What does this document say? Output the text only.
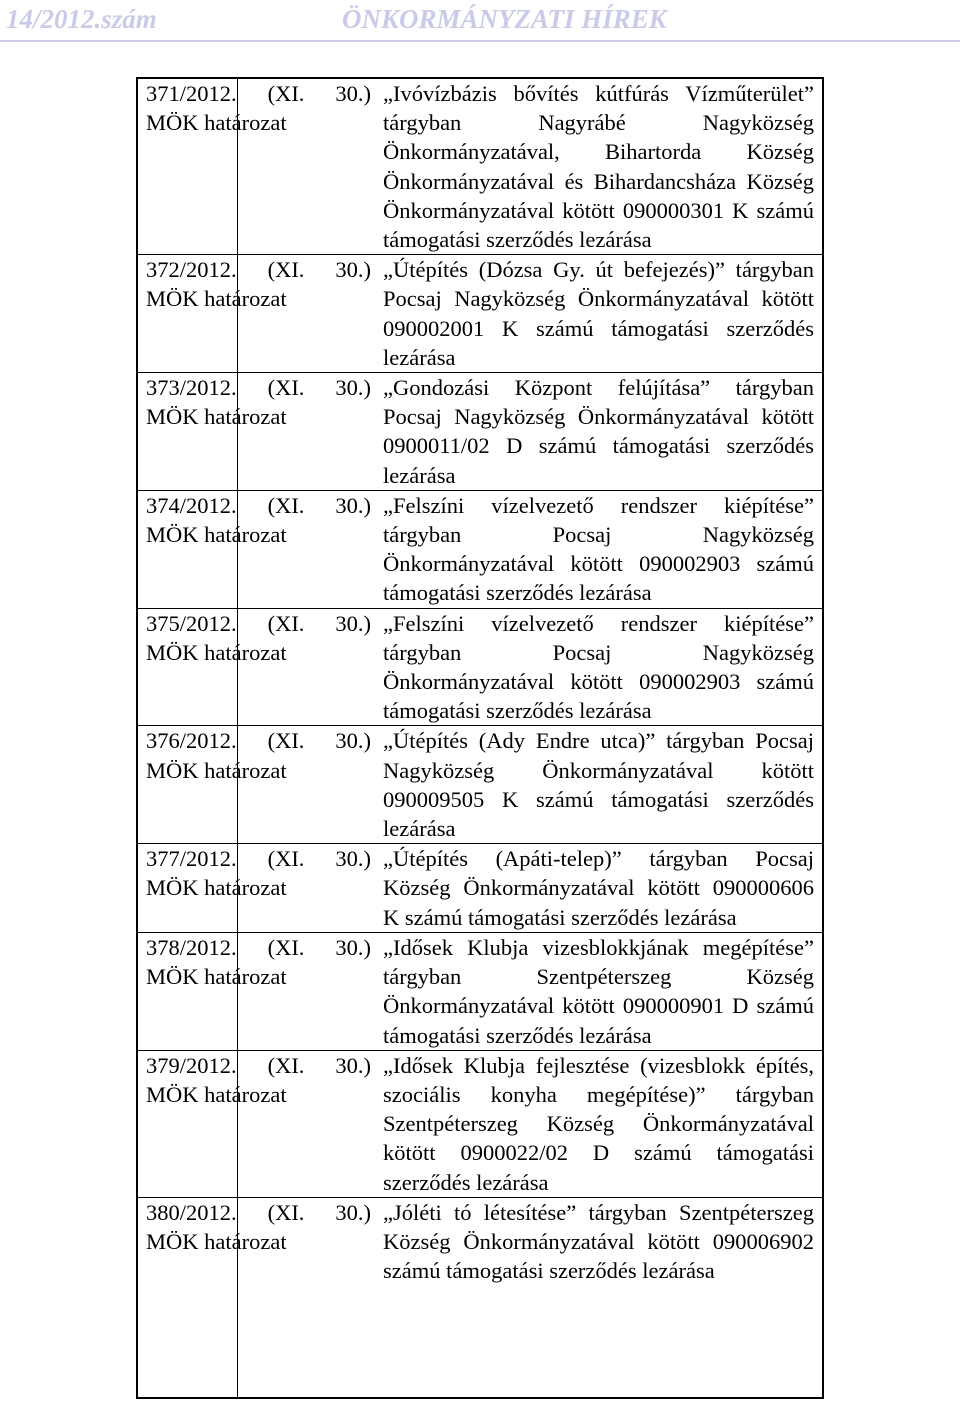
14/2012.szám	ÖNKORMÁNYZATI HÍREK
371/2012. (XI. 30.)
MÖK határozat
„Ivóvízbázis bővítés kútfúrás Vízműterület” tárgyban Nagyrábé Nagyközség Önkormányzatával, Bihartorda Község Önkormányzatával és Bihardancsháza Község Önkormányzatával kötött 090000301 K számú támogatási szerződés lezárása
372/2012. (XI. 30.)
MÖK határozat
„Útépítés (Dózsa Gy. út befejezés)” tárgyban Pocsaj Nagyközség Önkormányzatával kötött 090002001 K számú támogatási szerződés lezárása
373/2012. (XI. 30.)
MÖK határozat
„Gondozási Központ felújítása” tárgyban Pocsaj Nagyközség Önkormányzatával kötött 0900011/02 D számú támogatási szerződés lezárása
374/2012. (XI. 30.)
MÖK határozat
„Felszíni vízelvezető rendszer kiépítése” tárgyban Pocsaj Nagyközség Önkormányzatával kötött 090002903 számú támogatási szerződés lezárása
375/2012. (XI. 30.)
MÖK határozat
„Felszíni vízelvezető rendszer kiépítése” tárgyban Pocsaj Nagyközség Önkormányzatával kötött 090002903 számú támogatási szerződés lezárása
376/2012. (XI. 30.)
MÖK határozat
„Útépítés (Ady Endre utca)” tárgyban Pocsaj Nagyközség Önkormányzatával kötött 090009505 K számú támogatási szerződés lezárása
377/2012. (XI. 30.)
MÖK határozat
„Útépítés (Apáti-telep)” tárgyban Pocsaj Község Önkormányzatával kötött 090000606 K számú támogatási szerződés lezárása
378/2012. (XI. 30.)
MÖK határozat
„Idősek Klubja vizesblokkjának megépítése” tárgyban Szentpéterszeg Község Önkormányzatával kötött 090000901 D számú támogatási szerződés lezárása
379/2012. (XI. 30.)
MÖK határozat
„Idősek Klubja fejlesztése (vizesblokk építés, szociális konyha megépítése)” tárgyban Szentpéterszeg Község Önkormányzatával kötött 0900022/02 D számú támogatási szerződés lezárása
380/2012. (XI. 30.)
MÖK határozat
„Jóléti tó létesítése” tárgyban Szentpéterszeg Község Önkormányzatával kötött 090006902 számú támogatási szerződés lezárása
